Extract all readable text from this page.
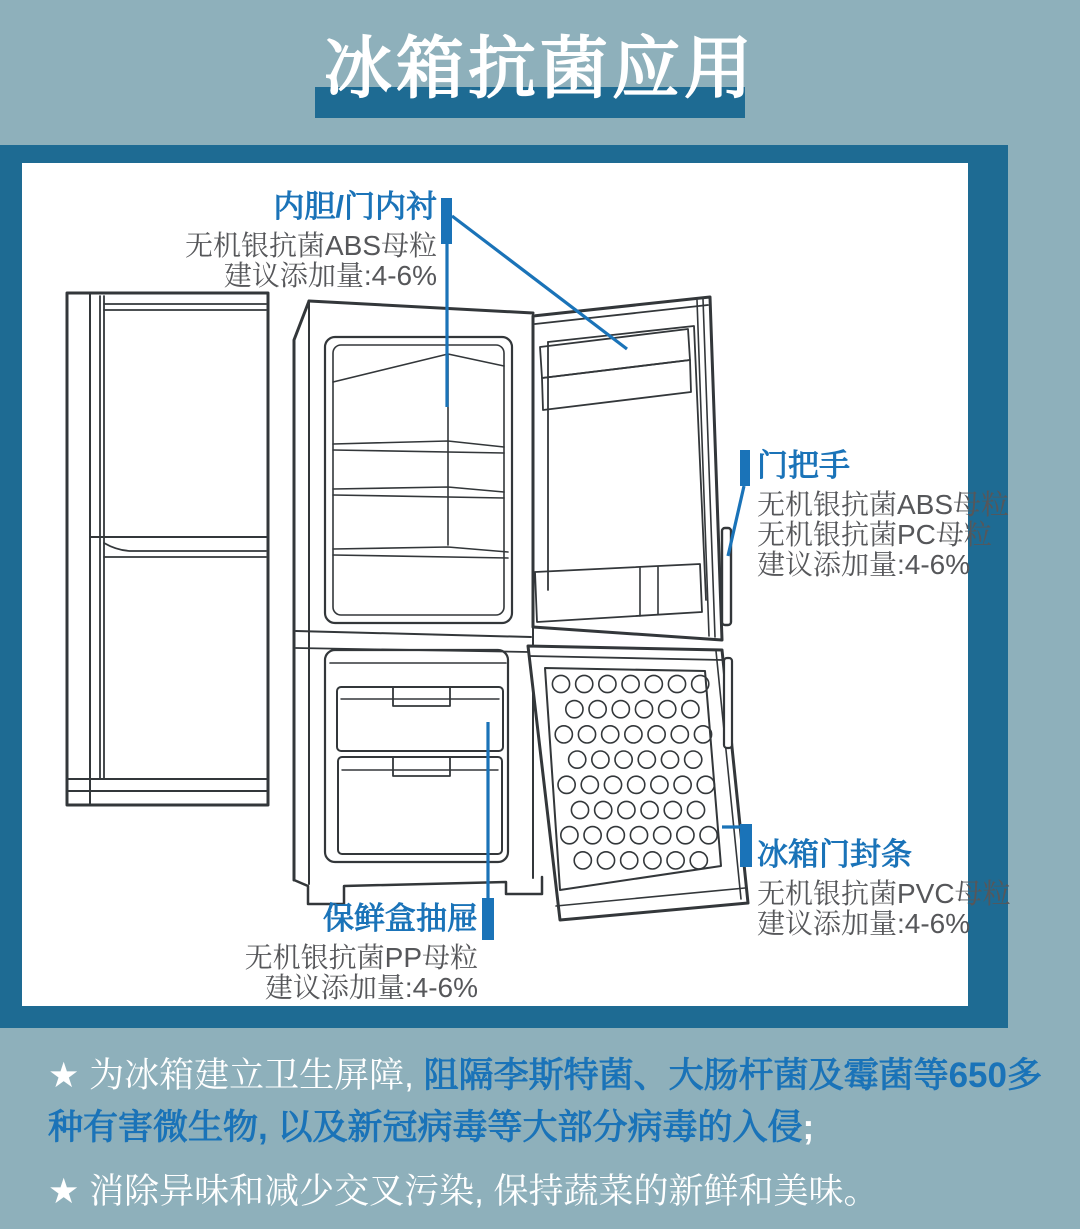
冰箱抗菌应用
内胆/门内衬
无机银抗菌ABS母粒
建议添加量:4-6%
门把手
无机银抗菌ABS母粒
无机银抗菌PC母粒
建议添加量:4-6%
冰箱门封条
无机银抗菌PVC母粒
建议添加量:4-6%
保鲜盒抽屉
无机银抗菌PP母粒
建议添加量:4-6%

★ 为冰箱建立卫生屏障, 阻隔李斯特菌、大肠杆菌及霉菌等650多种有害微生物, 以及新冠病毒等大部分病毒的入侵;

★ 消除异味和减少交叉污染, 保持蔬菜的新鲜和美味。
